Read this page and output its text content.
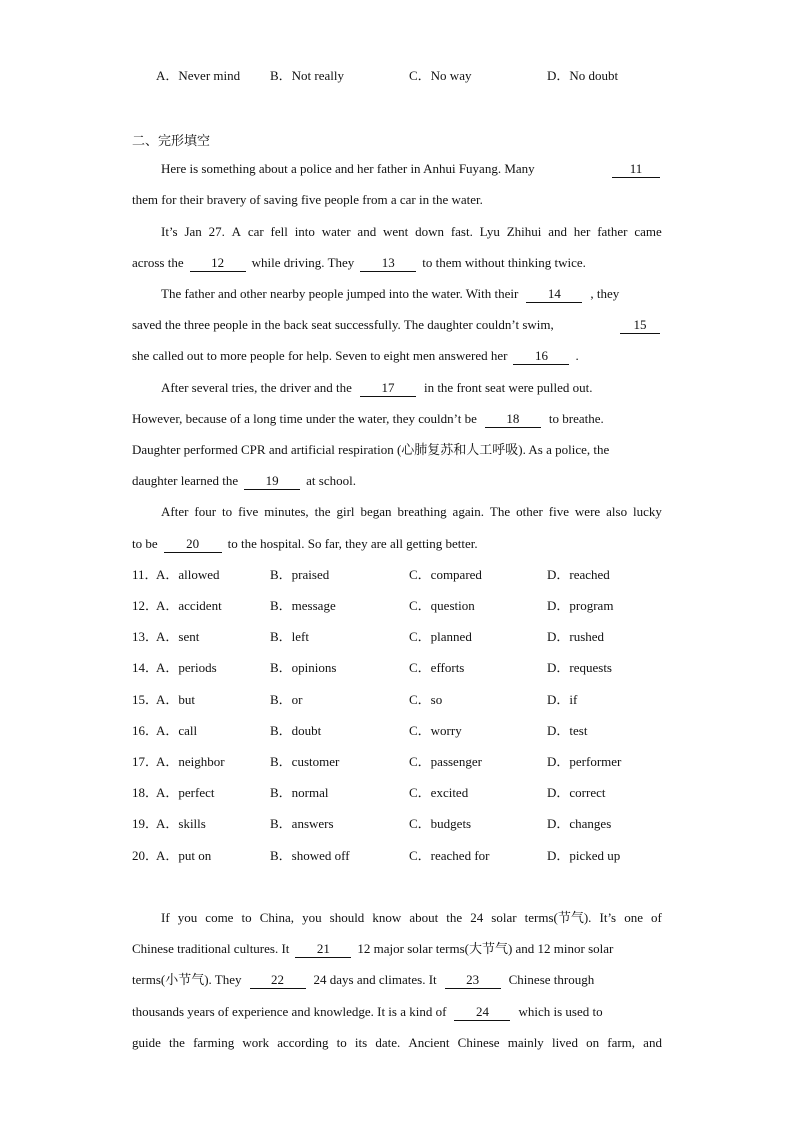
A．Never mind B．Not really	C．No way	D．No doubt
二、完形填空
Here is something about a police and her father in Anhui Fuyang. Many	11
them for their bravery of saving five people from a car in the water.
It’s Jan 27. A car fell into water and went down fast. Lyu Zhihui and her father came
across the	12	while driving. They	13	to them without thinking twice.
The father and other nearby people jumped into the water. With their	14	, they
saved the three people in the back seat successfully. The daughter couldn’t swim,	15
she called out to more people for help. Seven to eight men answered her	16	.
After several tries, the driver and the	17	in the front seat were pulled out.
However, because of a long time under the water, they couldn’t be	18	to breathe.
Daughter performed CPR and artificial respiration (心肺复苏和人工呼吸). As a police, the
daughter learned the	19	at school.
After four to five minutes, the girl began breathing again. The other five were also lucky
to be	20	to the hospital. So far, they are all getting better.
11．
A．allowed	B．praised	C．compared	D．reached
12．
A．accident	B．message	C．question	D．program
13．
A．sent	B．left	C．planned	D．rushed
14．
A．periods	B．opinions	C．efforts	D．requests
15．
A．but	B．or	C．so	D．if
16．
A．call	B．doubt	C．worry	D．test
17．
A．neighbor	B．customer	C．passenger	D．performer
18．
A．perfect	B．normal	C．excited	D．correct
19．
A．skills	B．answers	C．budgets	D．changes
20．
A．put on	B．showed off	C．reached for	D．picked up
If you come to China, you should know about the 24 solar terms(节气). It’s one of
Chinese traditional cultures. It	21	12 major solar terms(大节气) and 12 minor solar
terms(小节气). They	22	24 days and climates. It	23	Chinese through
thousands years of experience and knowledge. It is a kind of	24	which is used to
guide the farming work according to its date. Ancient Chinese mainly lived on farm, and
